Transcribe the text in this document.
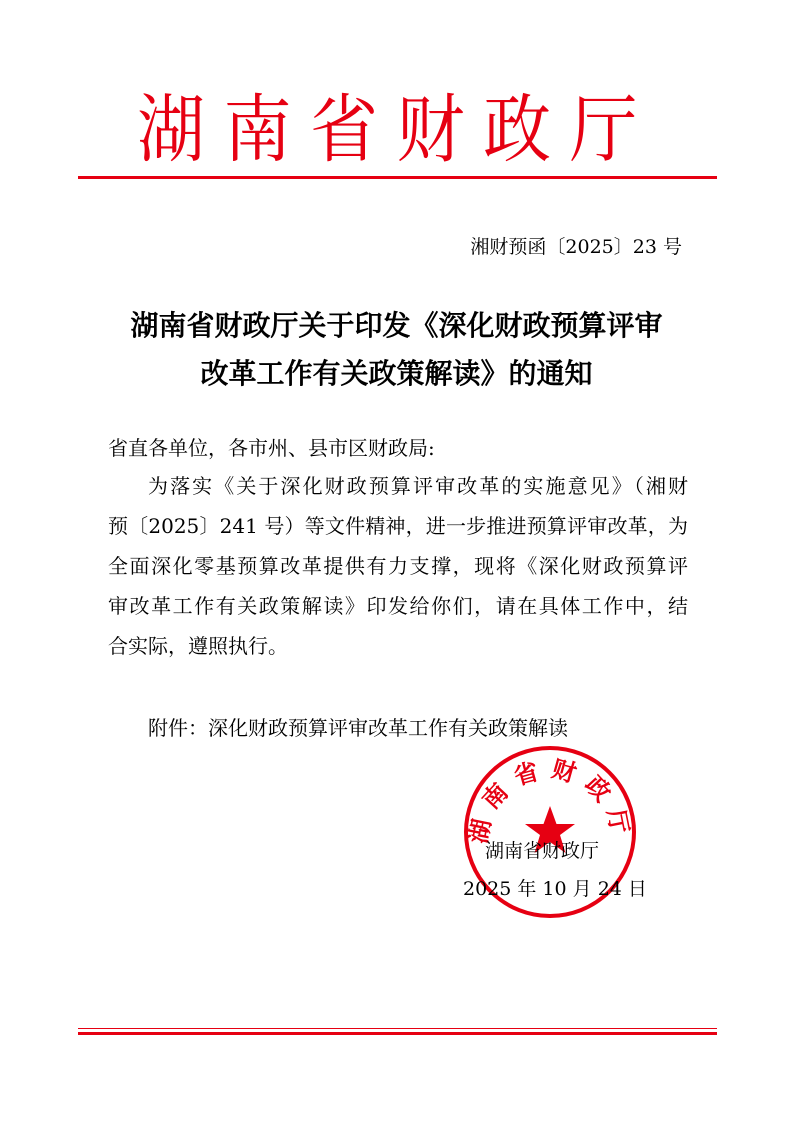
湖南省财政厅
湘财预函〔2025〕23 号
湖南省财政厅关于印发《深化财政预算评审
改革工作有关政策解读》的通知
省直各单位，各市州、县市区财政局:
为落实《关于深化财政预算评审改革的实施意见》（湘财
预〔2025〕241 号）等文件精神，进一步推进预算评审改革，为
全面深化零基预算改革提供有力支撑，现将《深化财政预算评
审改革工作有关政策解读》印发给你们，请在具体工作中，结
合实际，遵照执行。
附件：深化财政预算评审改革工作有关政策解读
湖南省财政厅
湖南省财政厅
2025 年 10 月 24 日
